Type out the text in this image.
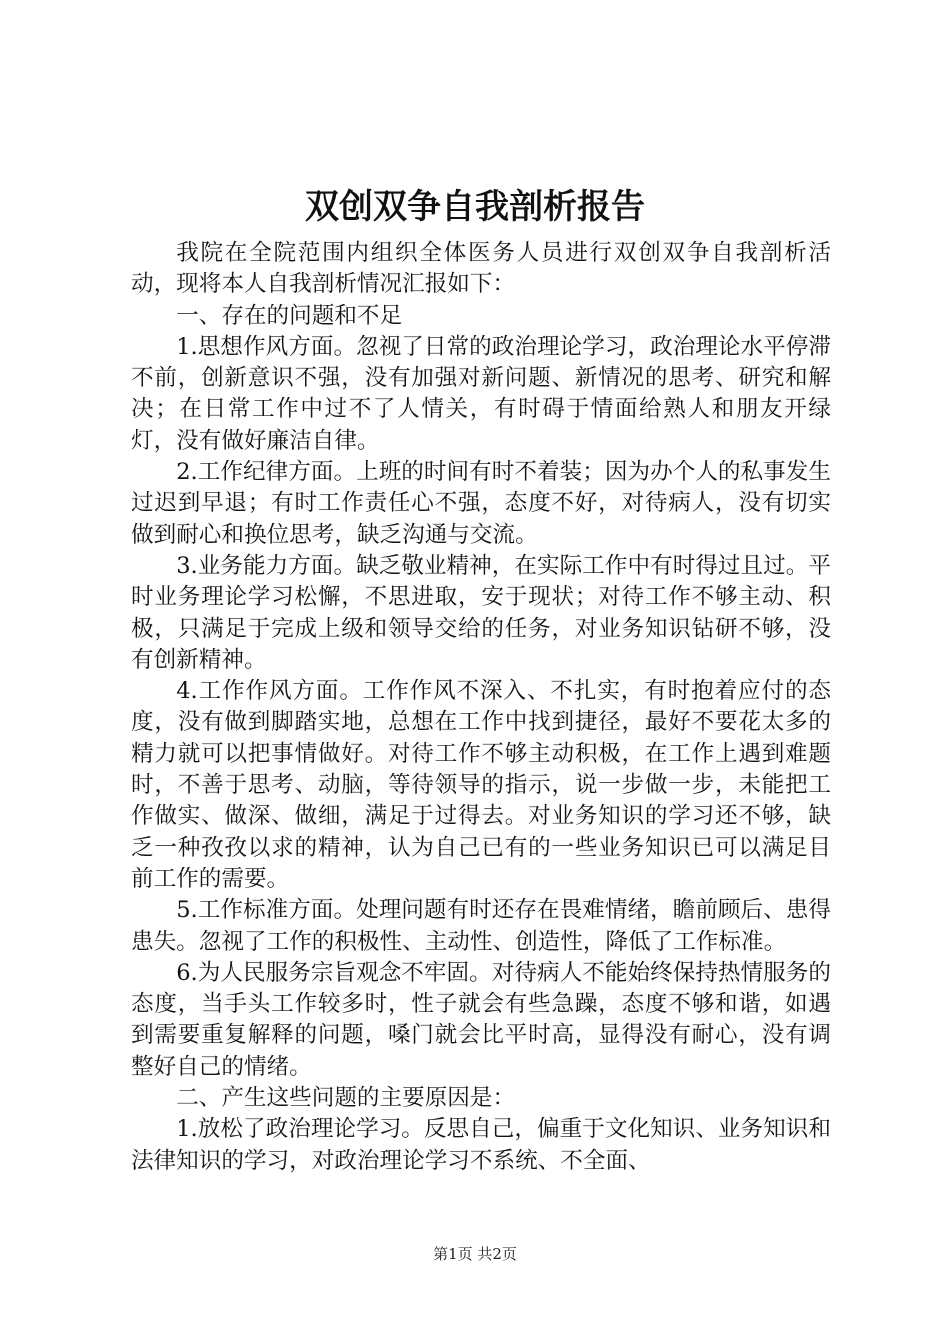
双创双争自我剖析报告

我院在全院范围内组织全体医务人员进行双创双争自我剖析活动，现将本人自我剖析情况汇报如下：

一、存在的问题和不足

1.思想作风方面。忽视了日常的政治理论学习，政治理论水平停滞不前，创新意识不强，没有加强对新问题、新情况的思考、研究和解决；在日常工作中过不了人情关，有时碍于情面给熟人和朋友开绿灯，没有做好廉洁自律。

2.工作纪律方面。上班的时间有时不着装；因为办个人的私事发生过迟到早退；有时工作责任心不强，态度不好，对待病人，没有切实做到耐心和换位思考，缺乏沟通与交流。

3.业务能力方面。缺乏敬业精神，在实际工作中有时得过且过。平时业务理论学习松懈，不思进取，安于现状；对待工作不够主动、积极，只满足于完成上级和领导交给的任务，对业务知识钻研不够，没有创新精神。

4.工作作风方面。工作作风不深入、不扎实，有时抱着应付的态度，没有做到脚踏实地，总想在工作中找到捷径，最好不要花太多的精力就可以把事情做好。对待工作不够主动积极，在工作上遇到难题时，不善于思考、动脑，等待领导的指示，说一步做一步，未能把工作做实、做深、做细，满足于过得去。对业务知识的学习还不够，缺乏一种孜孜以求的精神，认为自己已有的一些业务知识已可以满足目前工作的需要。

5.工作标准方面。处理问题有时还存在畏难情绪，瞻前顾后、患得患失。忽视了工作的积极性、主动性、创造性，降低了工作标准。

6.为人民服务宗旨观念不牢固。对待病人不能始终保持热情服务的态度，当手头工作较多时，性子就会有些急躁，态度不够和谐，如遇到需要重复解释的问题，嗓门就会比平时高，显得没有耐心，没有调整好自己的情绪。

二、产生这些问题的主要原因是：

1.放松了政治理论学习。反思自己，偏重于文化知识、业务知识和法律知识的学习，对政治理论学习不系统、不全面、

第1页 共2页
